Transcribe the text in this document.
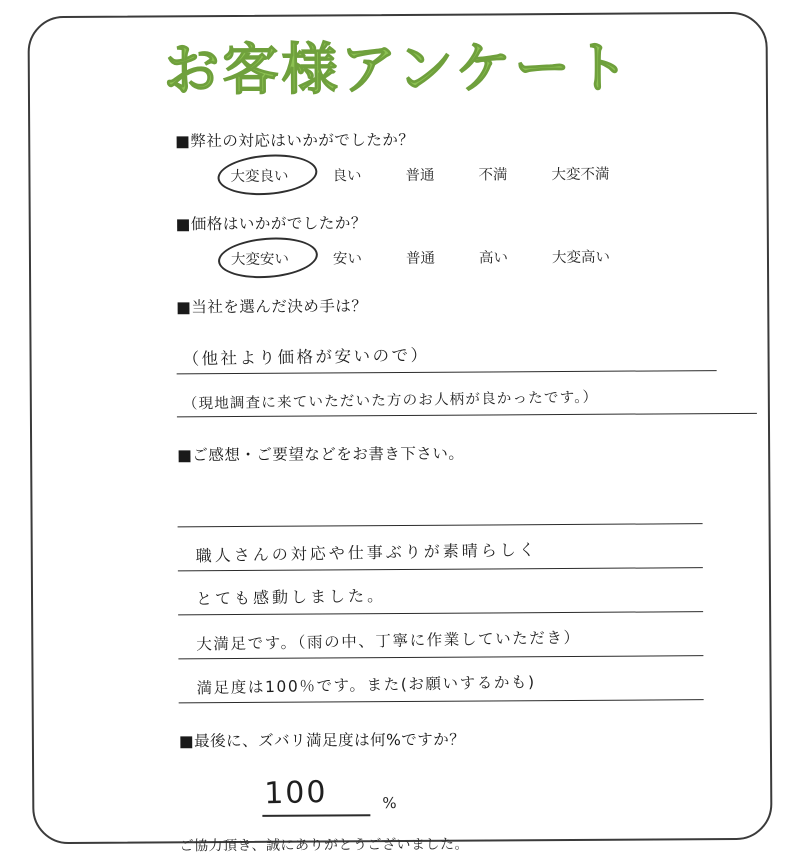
お客様アンケート
■弊社の対応はいかがでしたか？
大変良い	良い	普通	不満	大変不満
■価格はいかがでしたか？
大変安い	安い	普通	高い	大変高い
■当社を選んだ決め手は？
（他社より価格が安いので）
（現地調査に来ていただいた方のお人柄が良かったです。）
■ご感想・ご要望などをお書き下さい。
職人さんの対応や仕事ぶりが素晴らしく
とても感動しました。
大満足です。（雨の中、丁寧に作業していただき）
満足度は100％です。また(お願いするかも)
■最後に、ズバリ満足度は何%ですか？
100	%
ご協力頂き、誠にありがとうございました。
